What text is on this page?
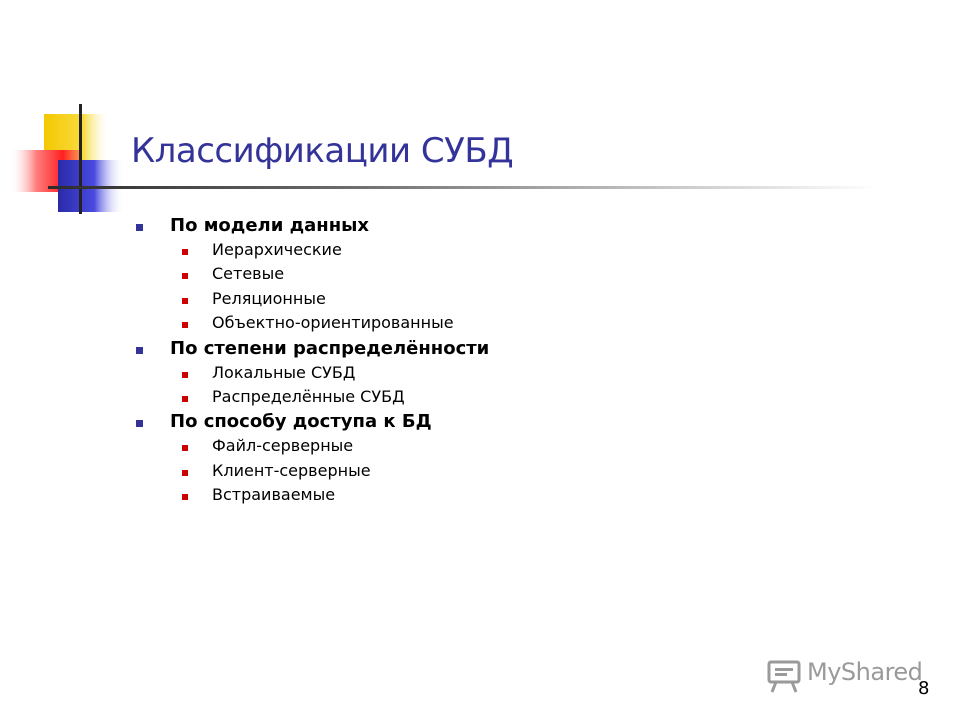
Классификации СУБД
По модели данных
Иерархические
Сетевые
Реляционные
Объектно-ориентированные
По степени распределённости
Локальные СУБД
Распределённые СУБД
По способу доступа к БД
Файл-серверные
Клиент-серверные
Встраиваемые
MyShared
8
